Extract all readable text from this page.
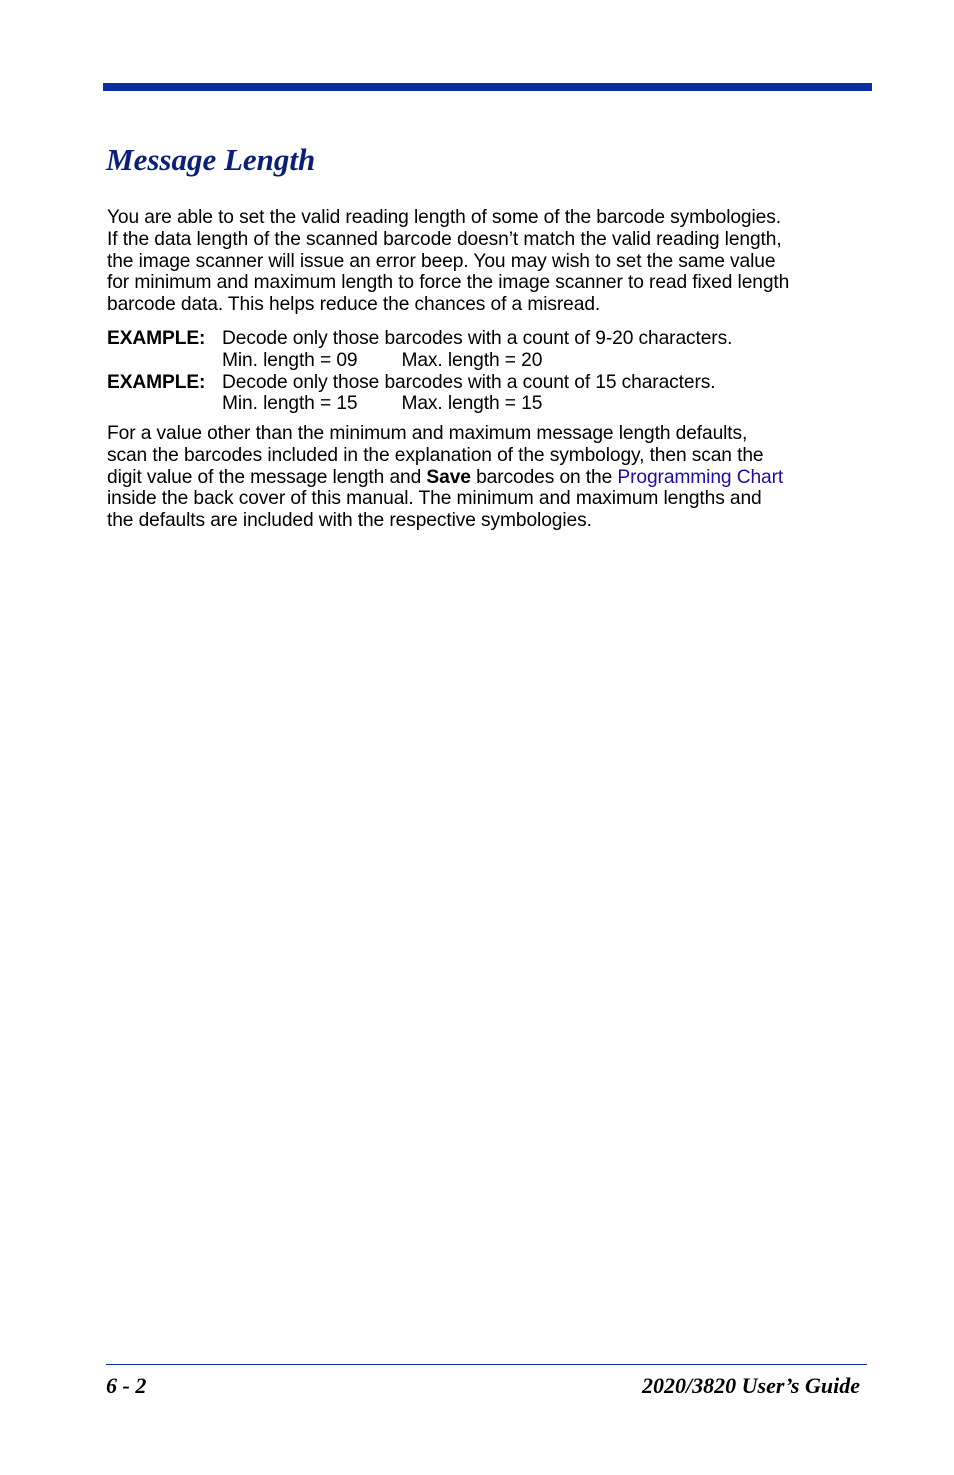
Message Length
You are able to set the valid reading length of some of the barcode symbologies.
If the data length of the scanned barcode doesn’t match the valid reading length,
the image scanner will issue an error beep. You may wish to set the same value
for minimum and maximum length to force the image scanner to read fixed length
barcode data. This helps reduce the chances of a misread.
EXAMPLE: Decode only those barcodes with a count of 9-20 characters.
Min. length = 09 Max. length = 20
EXAMPLE: Decode only those barcodes with a count of 15 characters.
Min. length = 15 Max. length = 15
For a value other than the minimum and maximum message length defaults,
scan the barcodes included in the explanation of the symbology, then scan the
digit value of the message length and Save barcodes on the Programming Chart
inside the back cover of this manual. The minimum and maximum lengths and
the defaults are included with the respective symbologies.
6 - 2	2020/3820 User’s Guide
